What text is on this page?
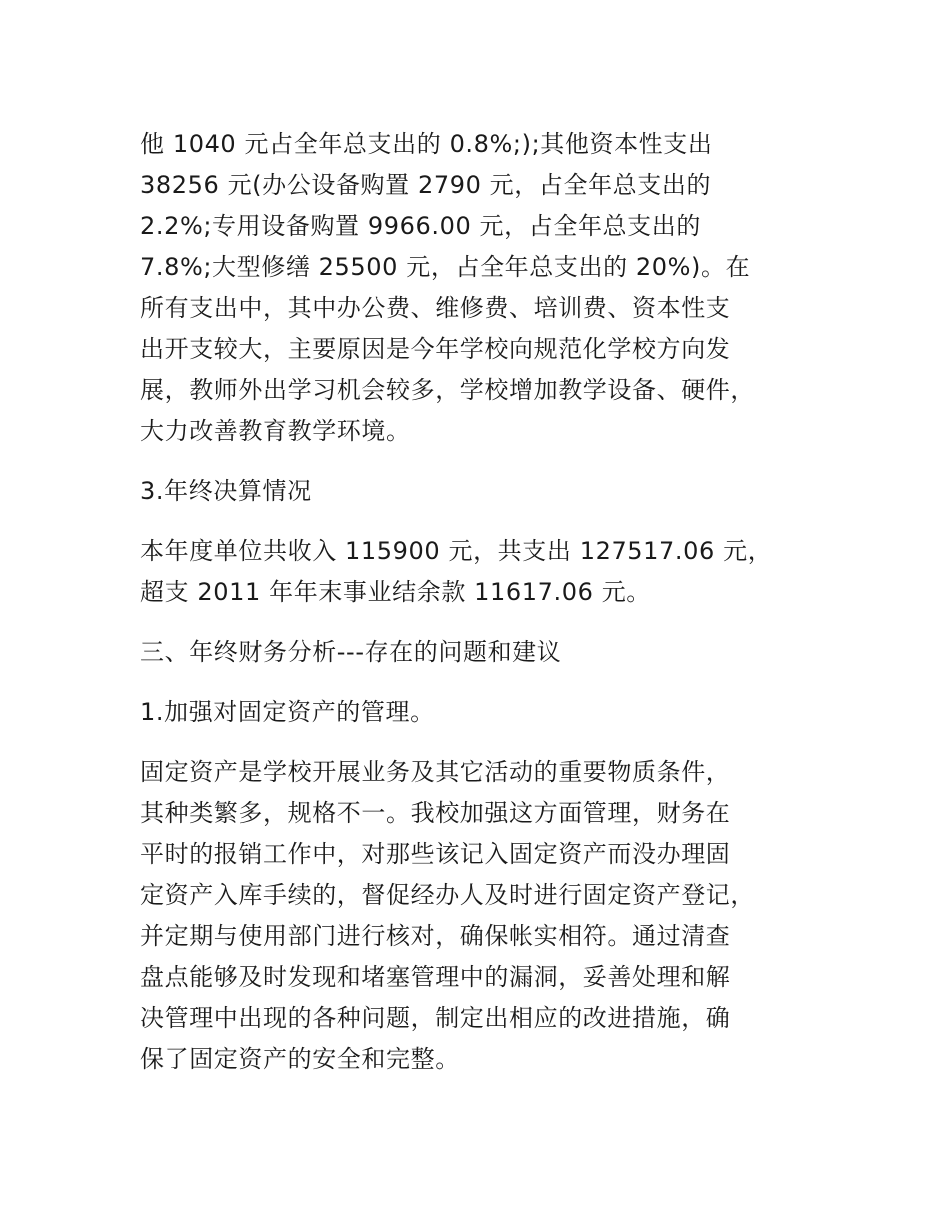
他 1040 元占全年总支出的 0.8%;);其他资本性支出
38256 元(办公设备购置 2790 元，占全年总支出的
2.2%;专用设备购置 9966.00 元，占全年总支出的
7.8%;大型修缮 25500 元，占全年总支出的 20%)。在
所有支出中，其中办公费、维修费、培训费、资本性支
出开支较大，主要原因是今年学校向规范化学校方向发
展，教师外出学习机会较多，学校增加教学设备、硬件，
大力改善教育教学环境。
3.年终决算情况
本年度单位共收入 115900 元，共支出 127517.06 元，
超支 2011 年年末事业结余款 11617.06 元。
三、年终财务分析---存在的问题和建议
1.加强对固定资产的管理。
固定资产是学校开展业务及其它活动的重要物质条件，
其种类繁多，规格不一。我校加强这方面管理，财务在
平时的报销工作中，对那些该记入固定资产而没办理固
定资产入库手续的，督促经办人及时进行固定资产登记，
并定期与使用部门进行核对，确保帐实相符。通过清查
盘点能够及时发现和堵塞管理中的漏洞，妥善处理和解
决管理中出现的各种问题，制定出相应的改进措施，确
保了固定资产的安全和完整。
